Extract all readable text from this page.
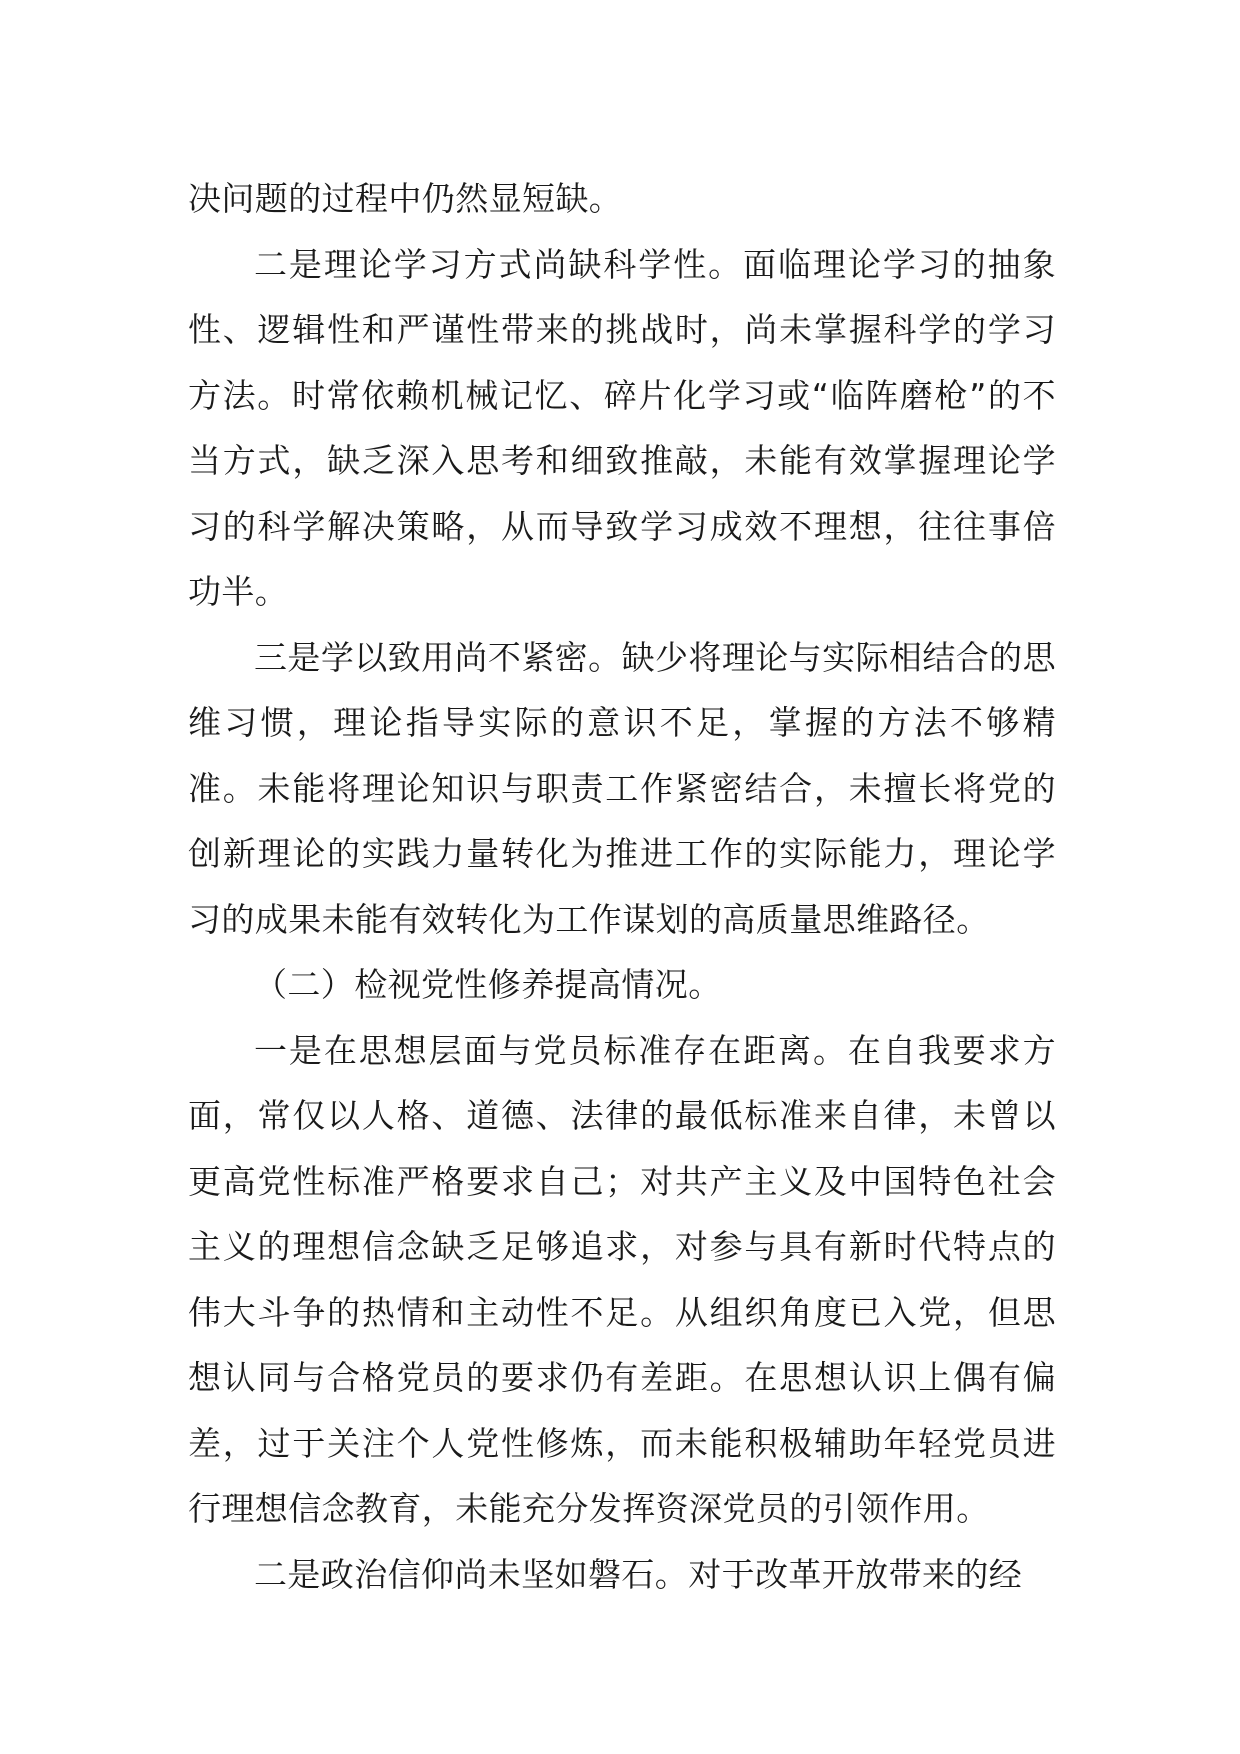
决问题的过程中仍然显短缺。

二是理论学习方式尚缺科学性。面临理论学习的抽象性、逻辑性和严谨性带来的挑战时，尚未掌握科学的学习方法。时常依赖机械记忆、碎片化学习或“临阵磨枪”的不当方式，缺乏深入思考和细致推敲，未能有效掌握理论学习的科学解决策略，从而导致学习成效不理想，往往事倍功半。

三是学以致用尚不紧密。缺少将理论与实际相结合的思维习惯，理论指导实际的意识不足，掌握的方法不够精准。未能将理论知识与职责工作紧密结合，未擅长将党的创新理论的实践力量转化为推进工作的实际能力，理论学习的成果未能有效转化为工作谋划的高质量思维路径。

（二）检视党性修养提高情况。

一是在思想层面与党员标准存在距离。在自我要求方面，常仅以人格、道德、法律的最低标准来自律，未曾以更高党性标准严格要求自己；对共产主义及中国特色社会主义的理想信念缺乏足够追求，对参与具有新时代特点的伟大斗争的热情和主动性不足。从组织角度已入党，但思想认同与合格党员的要求仍有差距。在思想认识上偶有偏差，过于关注个人党性修炼，而未能积极辅助年轻党员进行理想信念教育，未能充分发挥资深党员的引领作用。

二是政治信仰尚未坚如磐石。对于改革开放带来的经
